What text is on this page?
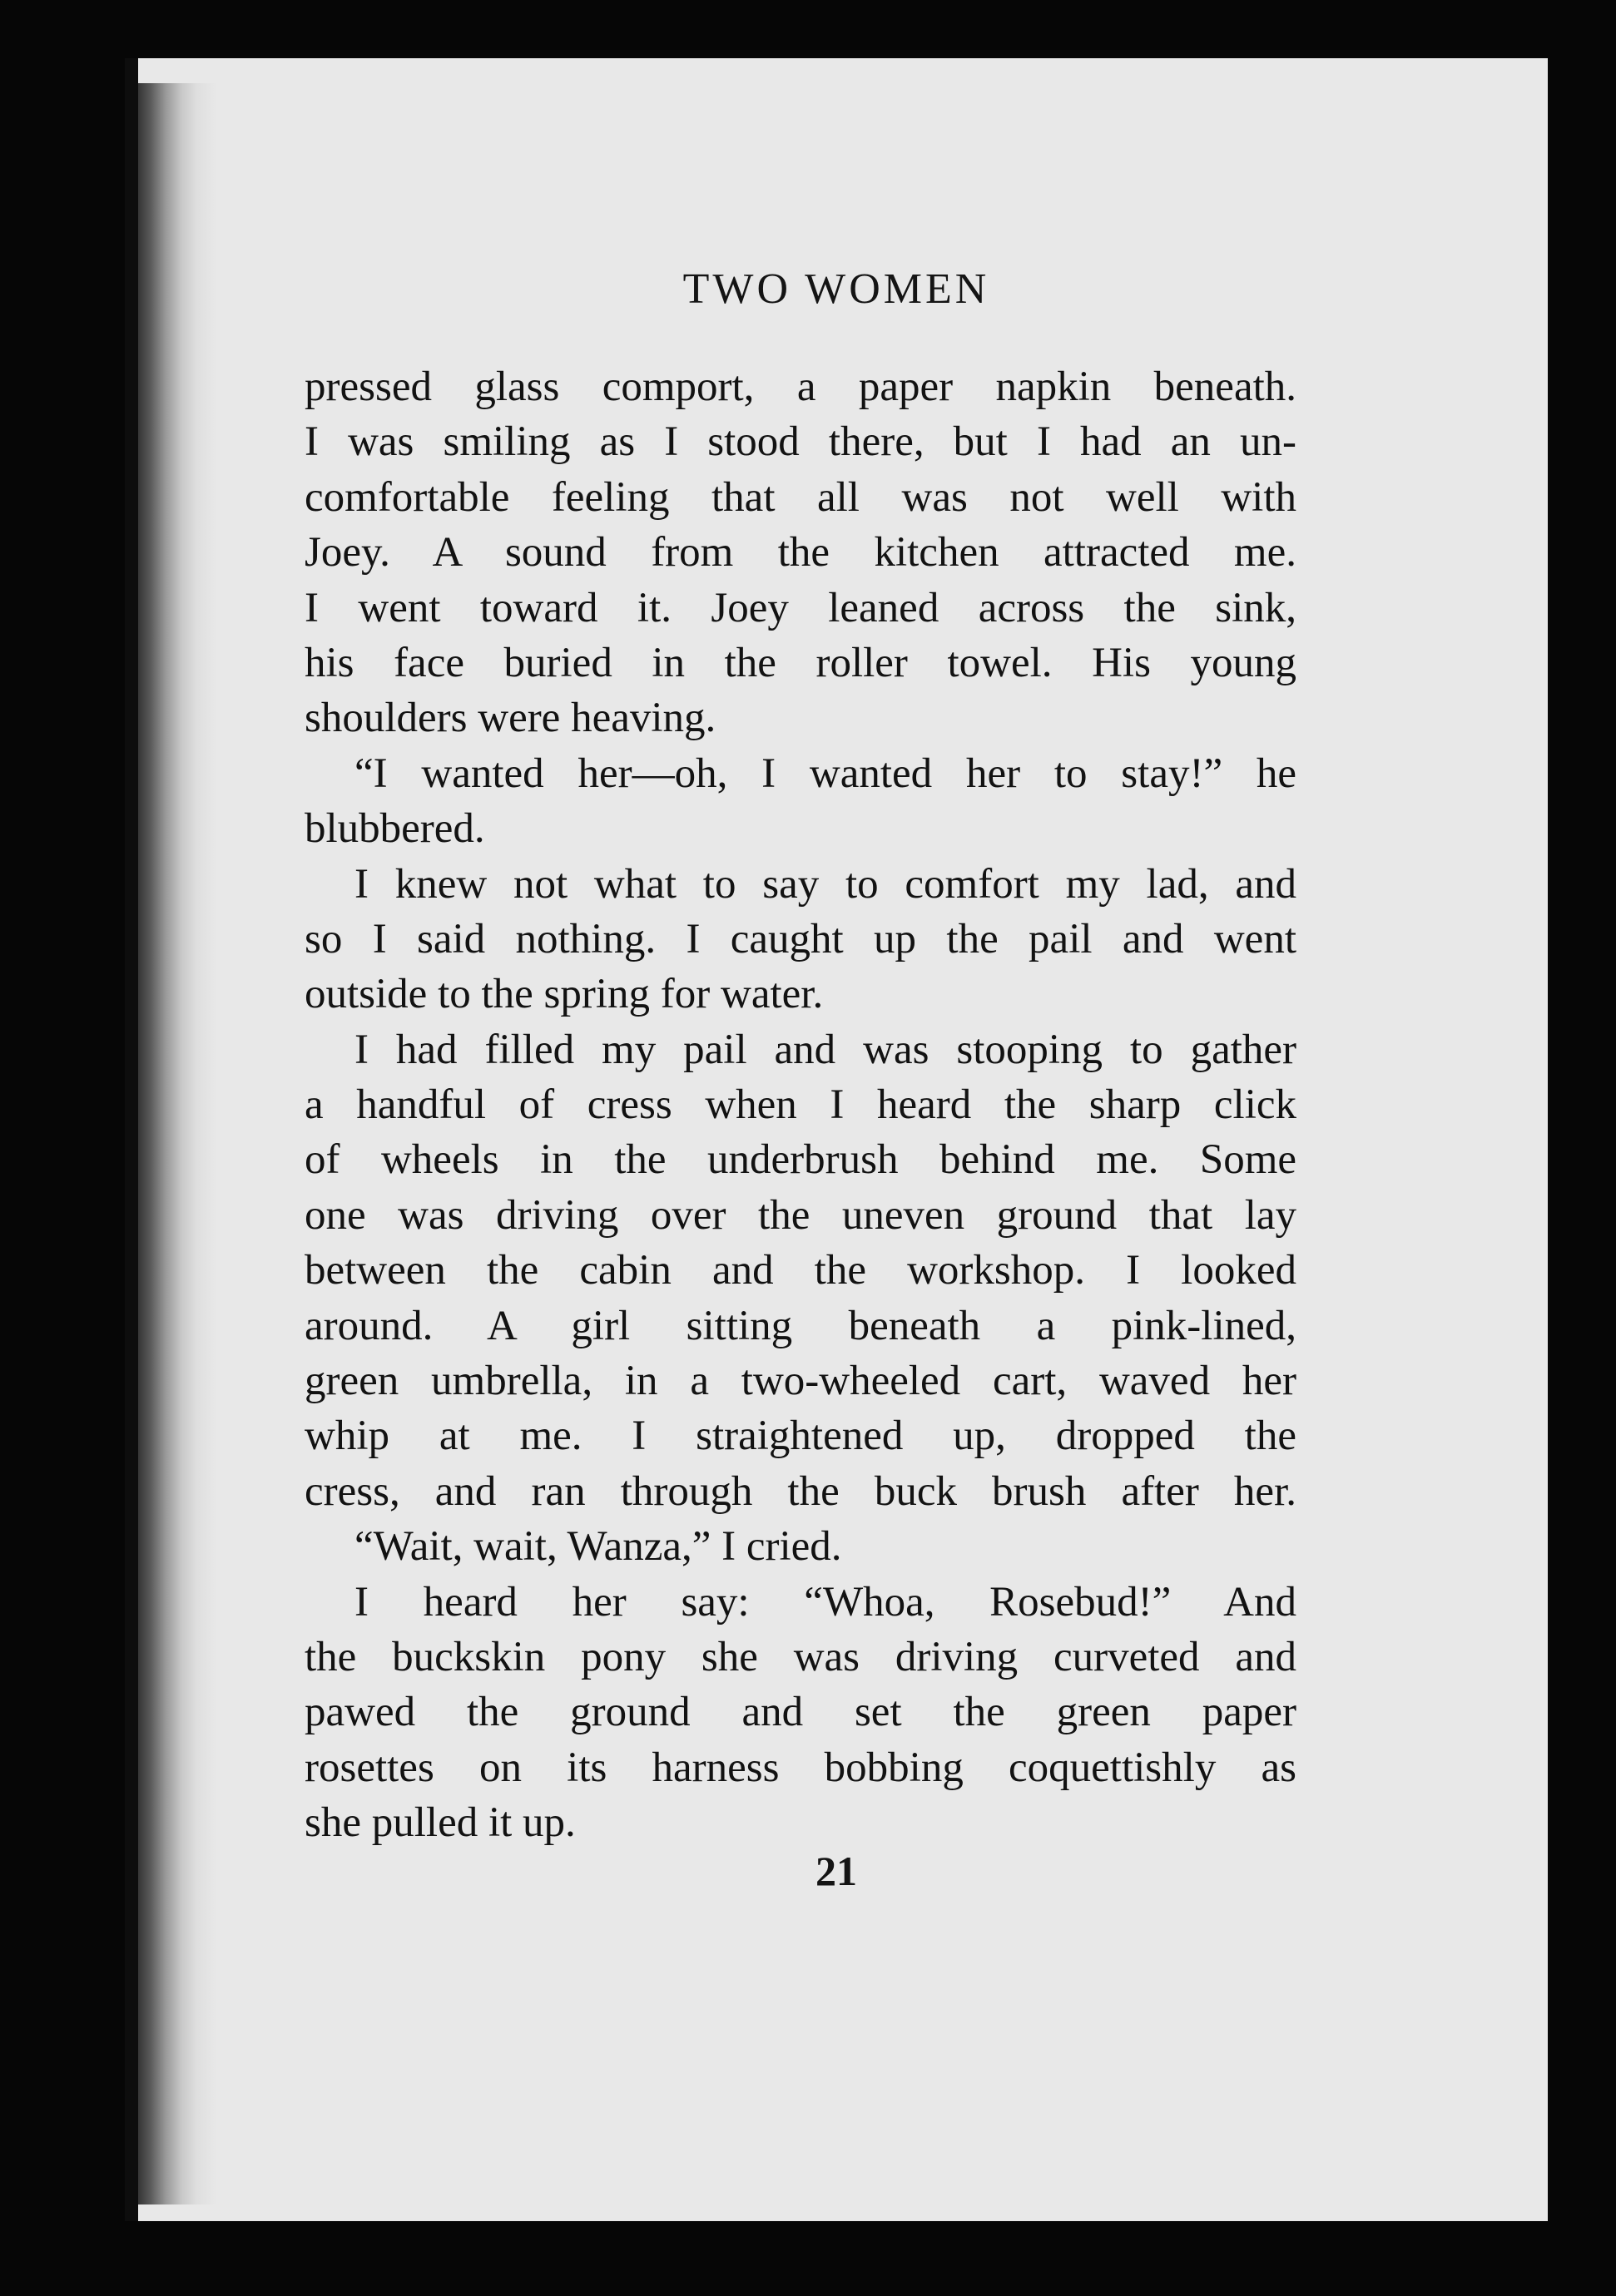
TWO WOMEN
pressed glass comport, a paper napkin beneath.
I was smiling as I stood there, but I had an un-
comfortable feeling that all was not well with
Joey. A sound from the kitchen attracted me.
I went toward it. Joey leaned across the sink,
his face buried in the roller towel. His young
shoulders were heaving.
“I wanted her—oh, I wanted her to stay!” he
blubbered.
I knew not what to say to comfort my lad, and
so I said nothing. I caught up the pail and went
outside to the spring for water.
I had filled my pail and was stooping to gather
a handful of cress when I heard the sharp click
of wheels in the underbrush behind me. Some
one was driving over the uneven ground that lay
between the cabin and the workshop. I looked
around. A girl sitting beneath a pink-lined,
green umbrella, in a two-wheeled cart, waved her
whip at me. I straightened up, dropped the
cress, and ran through the buck brush after her.
“Wait, wait, Wanza,” I cried.
I heard her say: “Whoa, Rosebud!” And
the buckskin pony she was driving curveted and
pawed the ground and set the green paper
rosettes on its harness bobbing coquettishly as
she pulled it up.

21
